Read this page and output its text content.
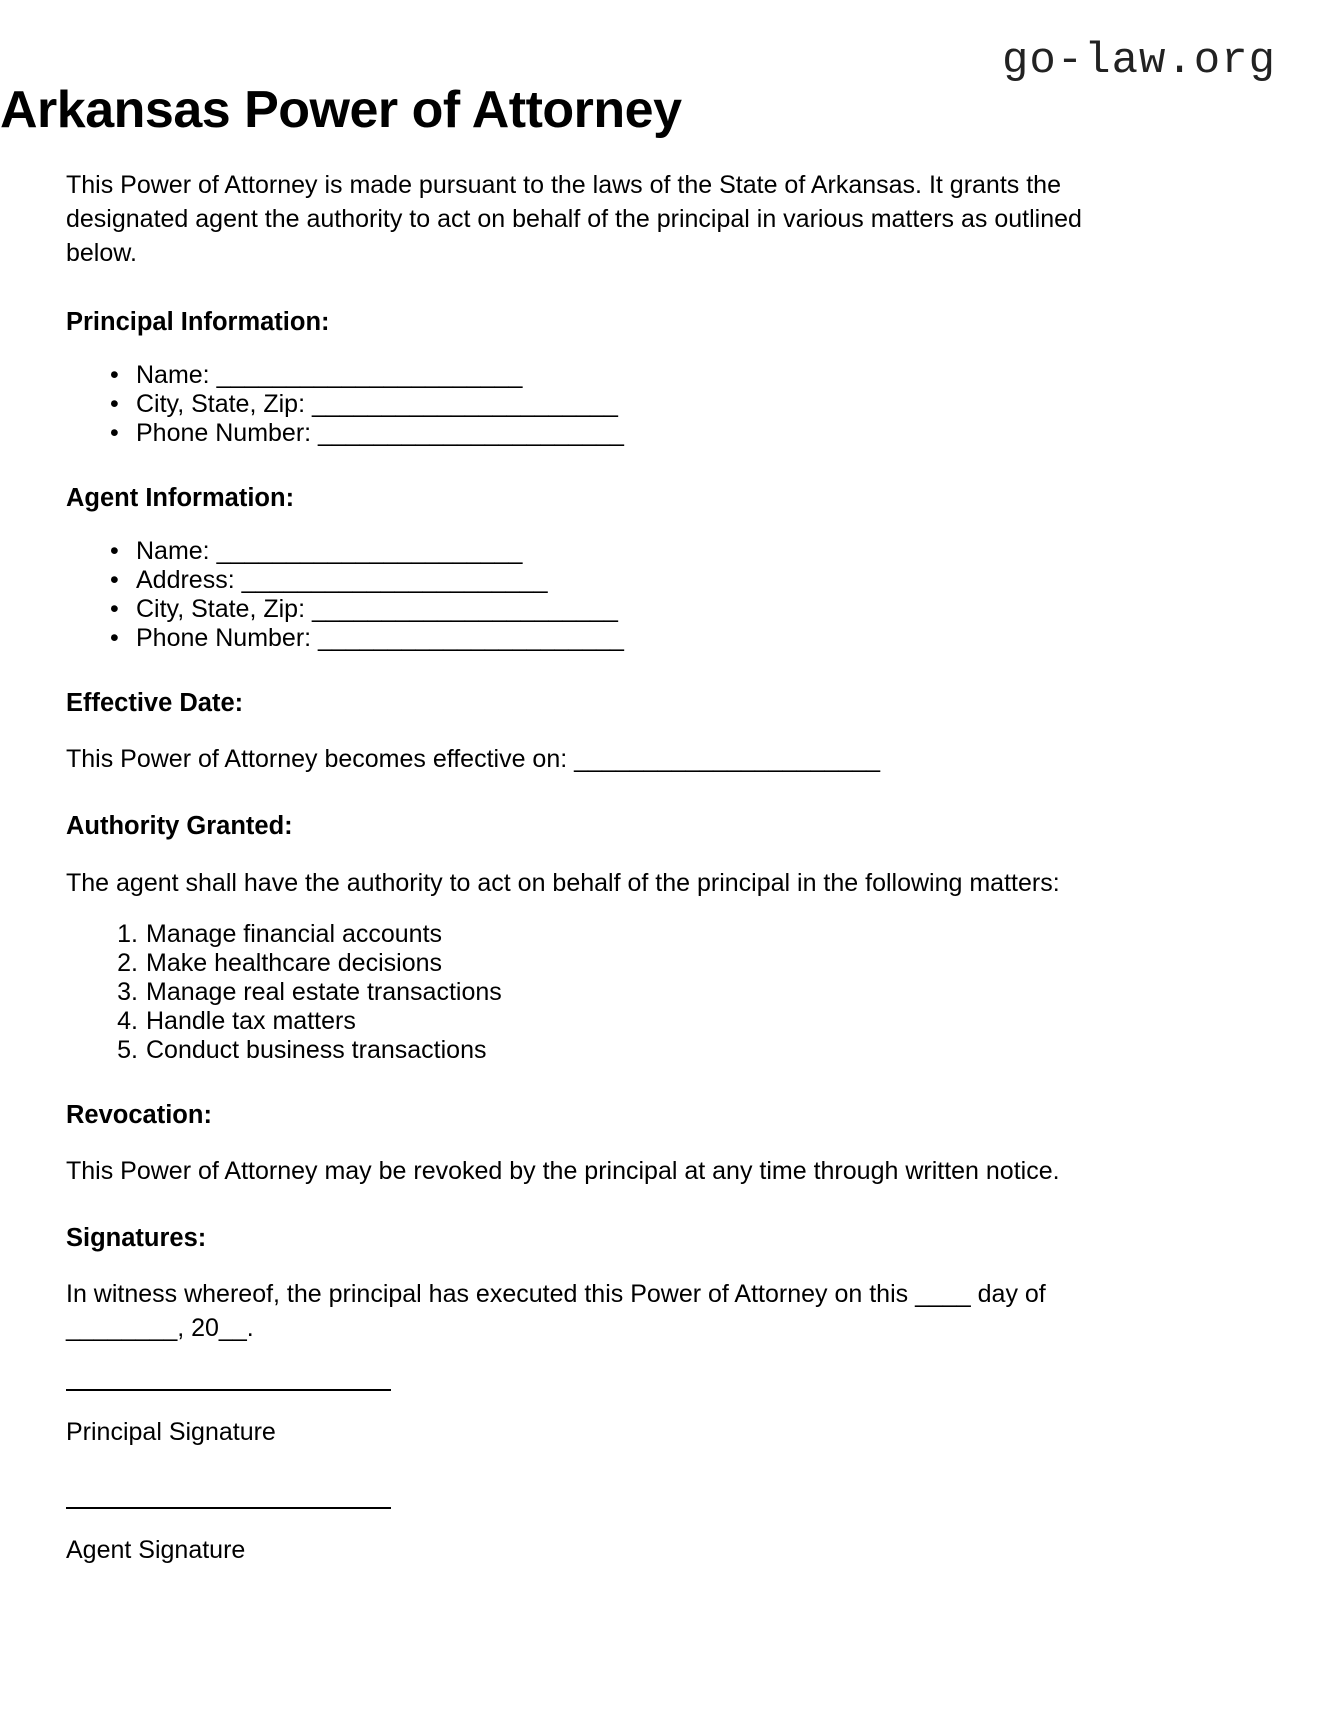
go-law.org
Arkansas Power of Attorney

This Power of Attorney is made pursuant to the laws of the State of Arkansas. It grants the designated agent the authority to act on behalf of the principal in various matters as outlined below.

Principal Information:
• Name: ______________________
• City, State, Zip: ______________________
• Phone Number: ______________________
Agent Information:
• Name: ______________________
• Address: ______________________
• City, State, Zip: ______________________
• Phone Number: ______________________
Effective Date:

This Power of Attorney becomes effective on: ______________________

Authority Granted:

The agent shall have the authority to act on behalf of the principal in the following matters:

Manage financial accounts
Make healthcare decisions
Manage real estate transactions
Handle tax matters
Conduct business transactions
Revocation:

This Power of Attorney may be revoked by the principal at any time through written notice.

Signatures:

In witness whereof, the principal has executed this Power of Attorney on this ____ day of ________, 20__.

Principal Signature

Agent Signature
